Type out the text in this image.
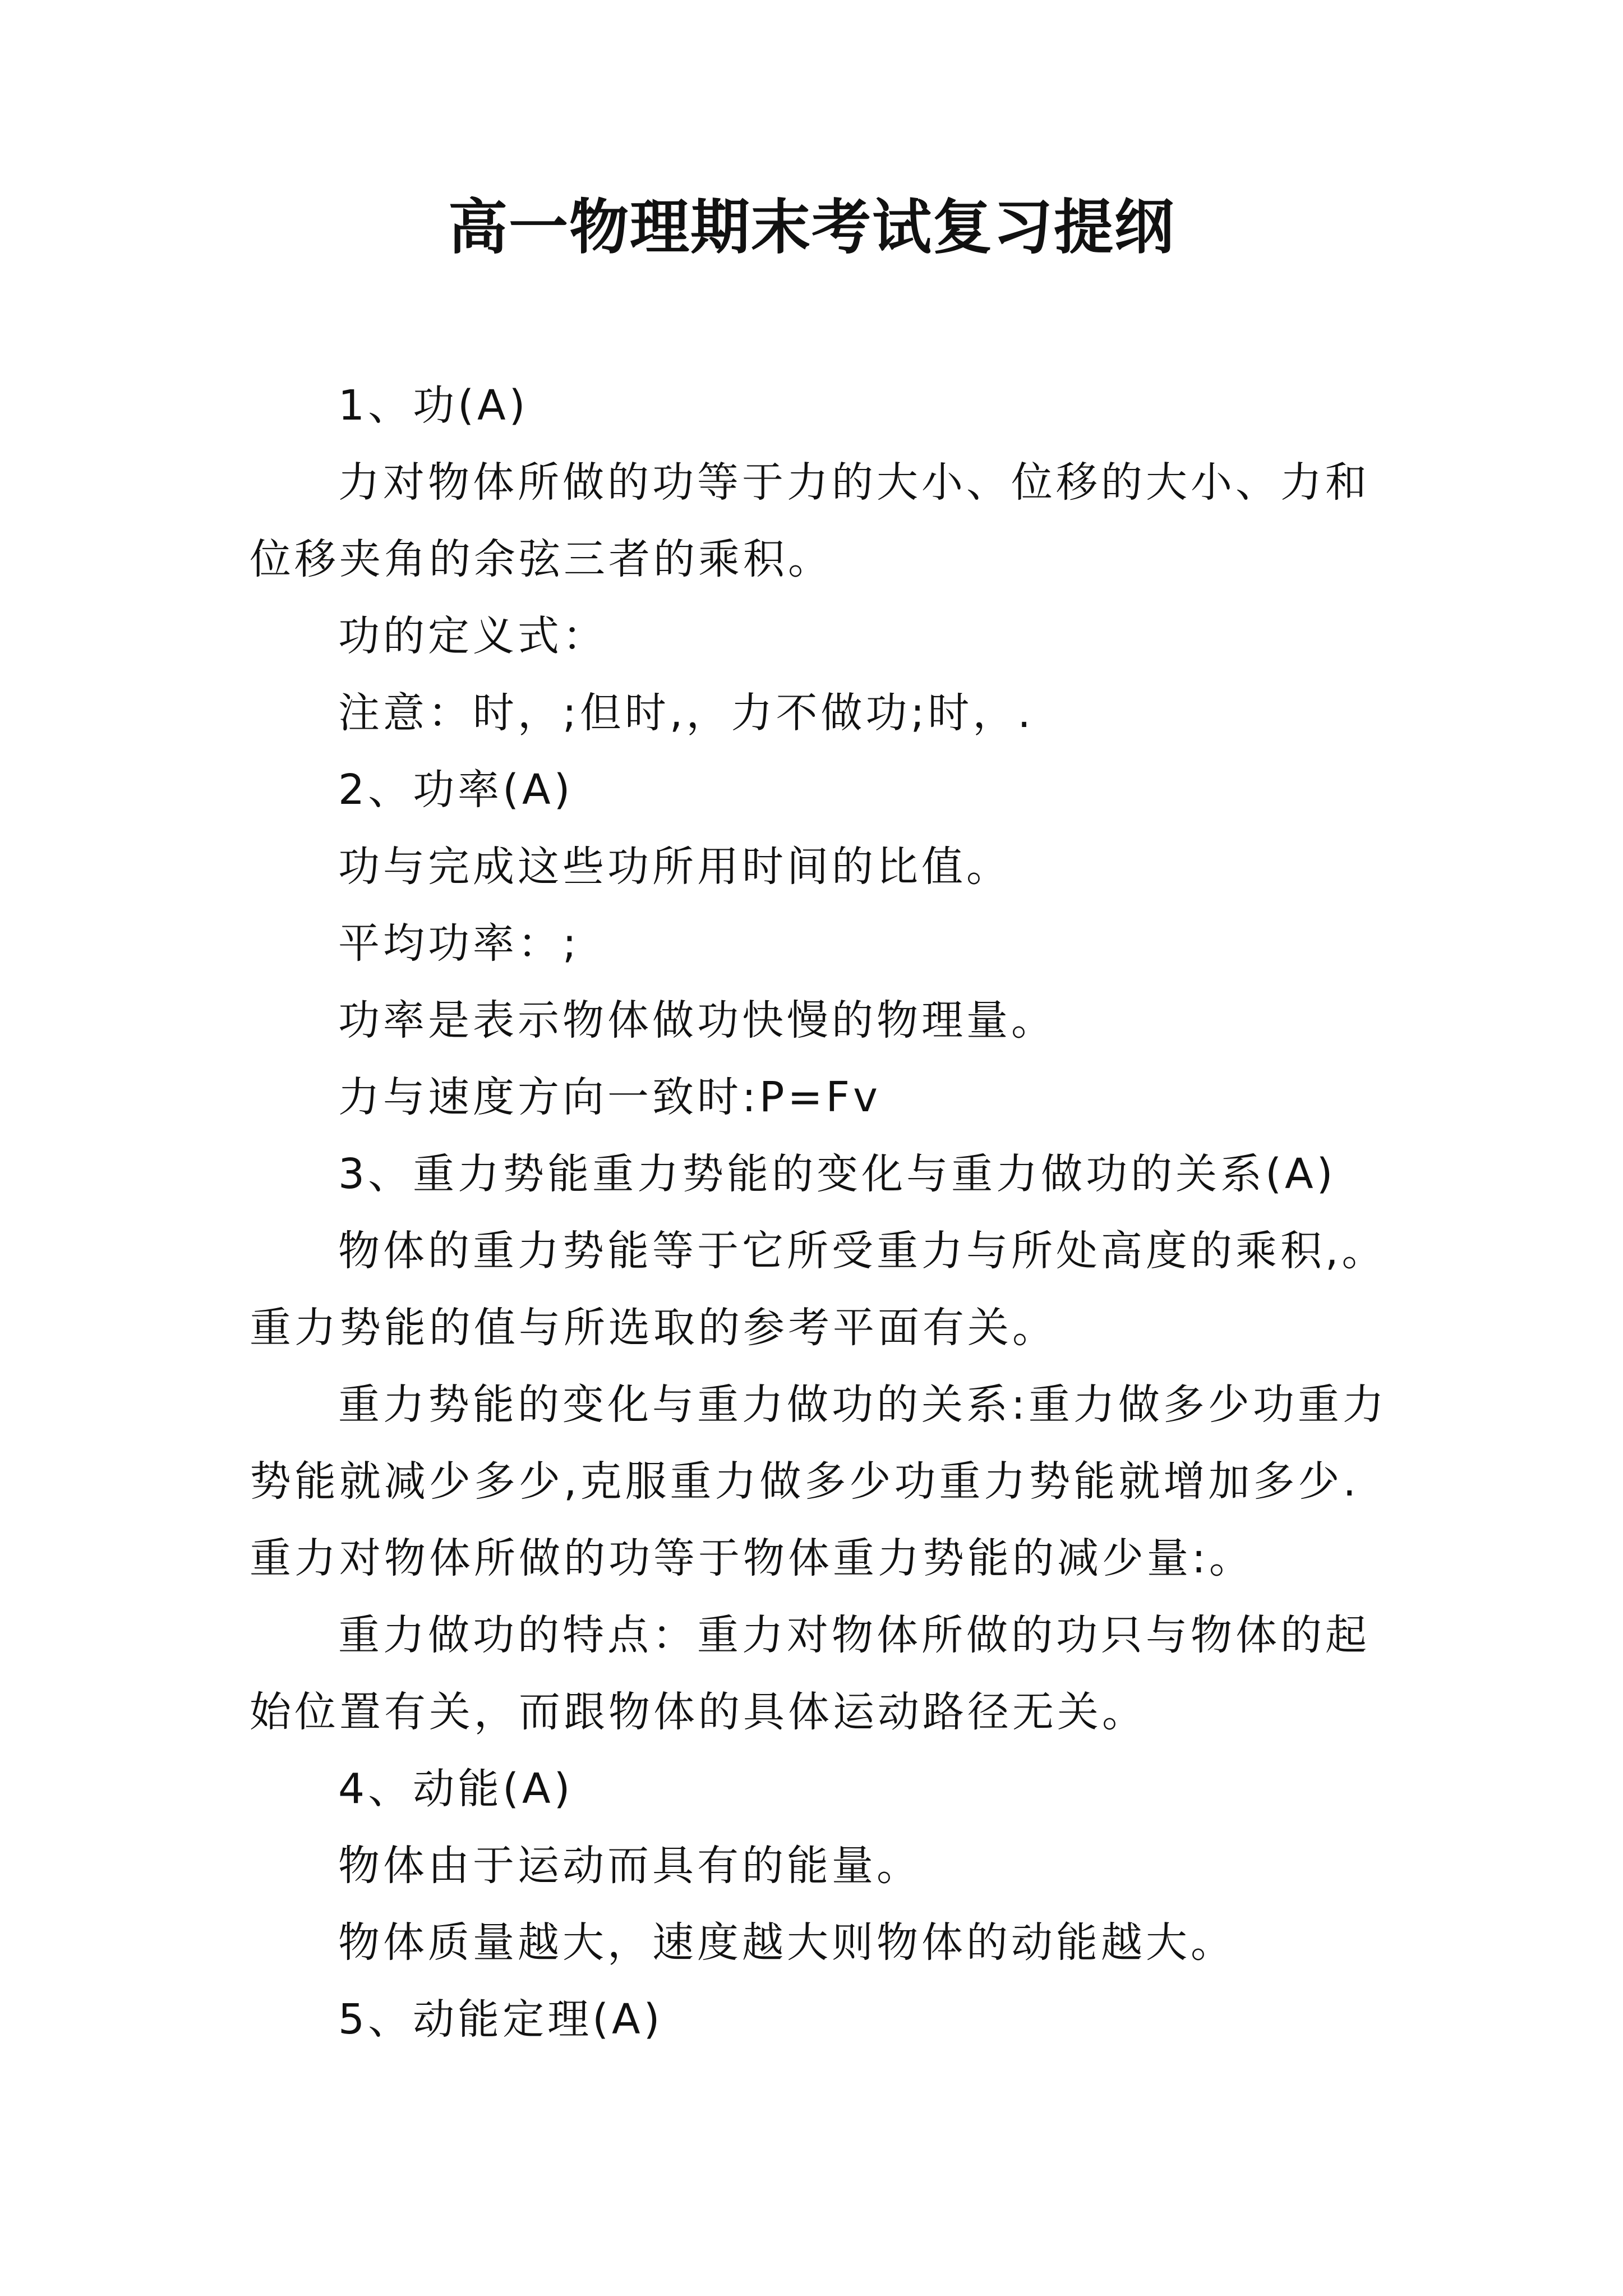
高一物理期末考试复习提纲

1、功(A)

力对物体所做的功等于力的大小、位移的大小、力和位移夹角的余弦三者的乘积。

功的定义式：

注意：时，;但时,，力不做功;时，.

2、功率(A)

功与完成这些功所用时间的比值。

平均功率：;

功率是表示物体做功快慢的物理量。

力与速度方向一致时:P=Fv

3、重力势能重力势能的变化与重力做功的关系(A)

物体的重力势能等于它所受重力与所处高度的乘积,。重力势能的值与所选取的参考平面有关。

重力势能的变化与重力做功的关系:重力做多少功重力势能就减少多少,克服重力做多少功重力势能就增加多少.重力对物体所做的功等于物体重力势能的减少量:。

重力做功的特点：重力对物体所做的功只与物体的起始位置有关，而跟物体的具体运动路径无关。

4、动能(A)

物体由于运动而具有的能量。

物体质量越大，速度越大则物体的动能越大。

5、动能定理(A)
